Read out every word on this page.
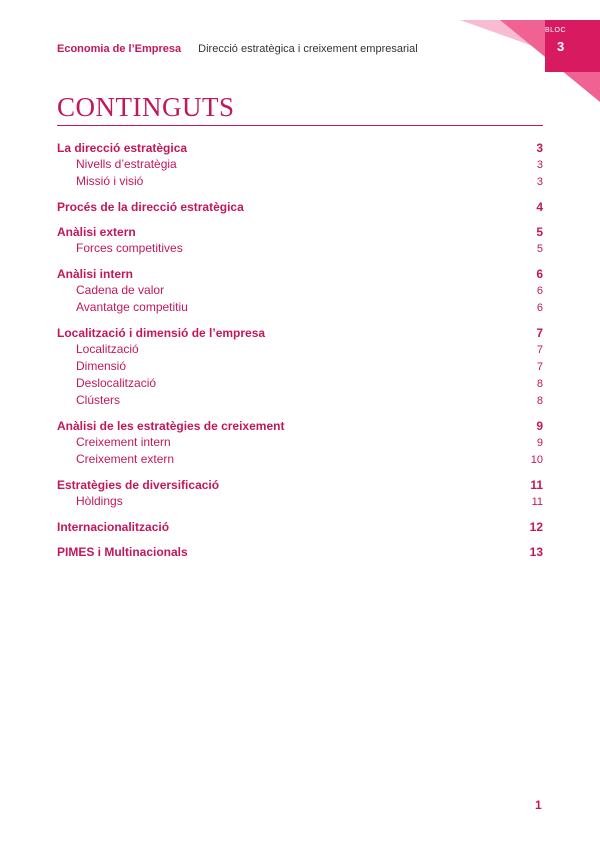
Economia de l’Empresa Direcció estratègica i creixement empresarial
BLOC
3
CONTINGUTS
La direcció estratègica	3
Nivells d’estratègia	3
Missió i visió	3
Procés de la direcció estratègica	4
Anàlisi extern	5
Forces competitives	5
Anàlisi intern	6
Cadena de valor	6
Avantatge competitiu	6
Localització i dimensió de l’empresa	7
Localització	7
Dimensió	7
Deslocalització	8
Clústers	8
Anàlisi de les estratègies de creixement	9
Creixement intern	9
Creixement extern	10
Estratègies de diversificació	11
Hòldings	11
Internacionalització	12
PIMES i Multinacionals	13
1
